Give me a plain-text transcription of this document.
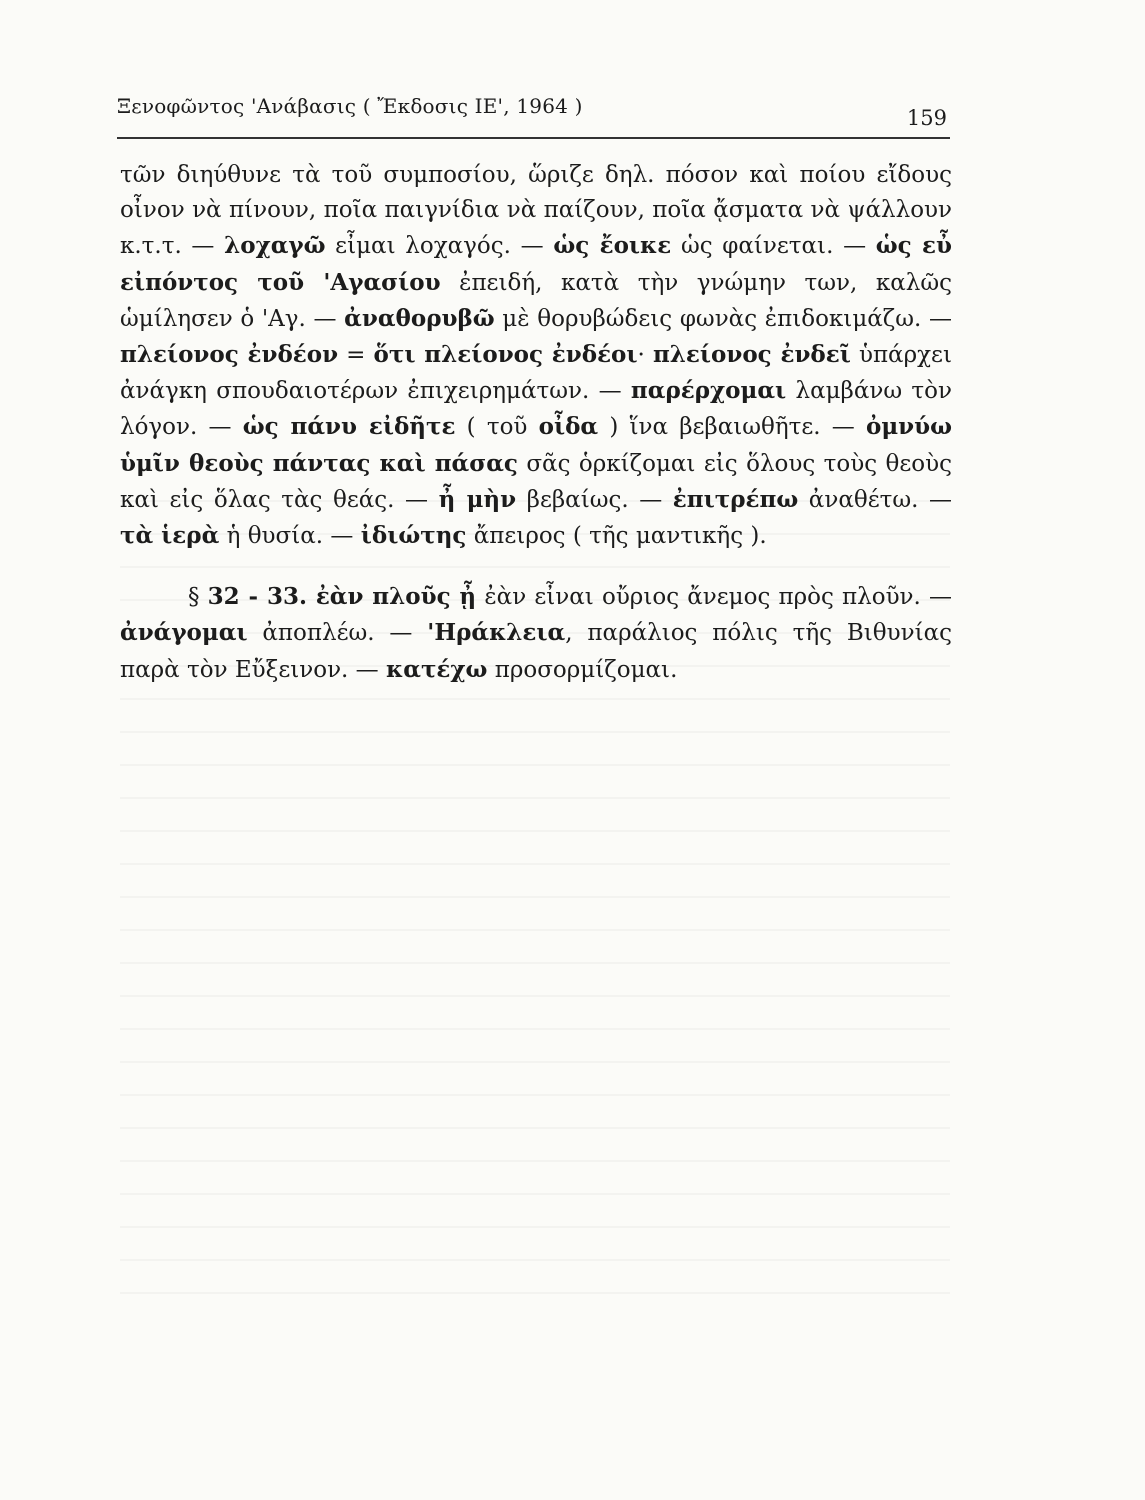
Ξενοφῶντος 'Ανάβασις ( Ἔκδοσις ΙΕ', 1964 )	159

τῶν διηύθυνε τὰ τοῦ συμποσίου, ὥριζε δηλ. πόσον καὶ ποίου εἴδους οἶνον νὰ πίνουν, ποῖα παιγνίδια νὰ παίζουν, ποῖα ᾄσματα νὰ ψάλλουν κ.τ.τ. — λοχαγῶ εἶμαι λοχαγός. — ὡς ἔοικε ὡς φαίνεται. — ὡς εὖ εἰπόντος τοῦ 'Αγασίου ἐπειδή, κατὰ τὴν γνώμην των, καλῶς ὡμίλησεν ὁ 'Αγ. — ἀναθορυβῶ μὲ θορυβώδεις φωνὰς ἐπιδοκιμάζω. — πλείονος ἐνδέον = ὅτι πλείονος ἐνδέοι· πλείονος ἐνδεῖ ὑπάρχει ἀνάγκη σπουδαιοτέρων ἐπιχειρημάτων. — παρέρχομαι λαμβάνω τὸν λόγον. — ὡς πάνυ εἰδῆτε ( τοῦ οἶδα ) ἵνα βεβαιωθῆτε. — ὀμνύω ὑμῖν θεοὺς πάντας καὶ πάσας σᾶς ὁρκίζομαι εἰς ὅλους τοὺς θεοὺς καὶ εἰς ὅλας τὰς θεάς. — ἦ μὴν βεβαίως. — ἐπιτρέπω ἀναθέτω. — τὰ ἱερὰ ἡ θυσία. — ἰδιώτης ἄπειρος ( τῆς μαντικῆς ).

§ 32 - 33. ἐὰν πλοῦς ᾖ ἐὰν εἶναι οὔριος ἄνεμος πρὸς πλοῦν. — ἀνάγομαι ἀποπλέω. — 'Ηράκλεια, παράλιος πόλις τῆς Βιθυνίας παρὰ τὸν Εὔξεινον. — κατέχω προσορμίζομαι.
